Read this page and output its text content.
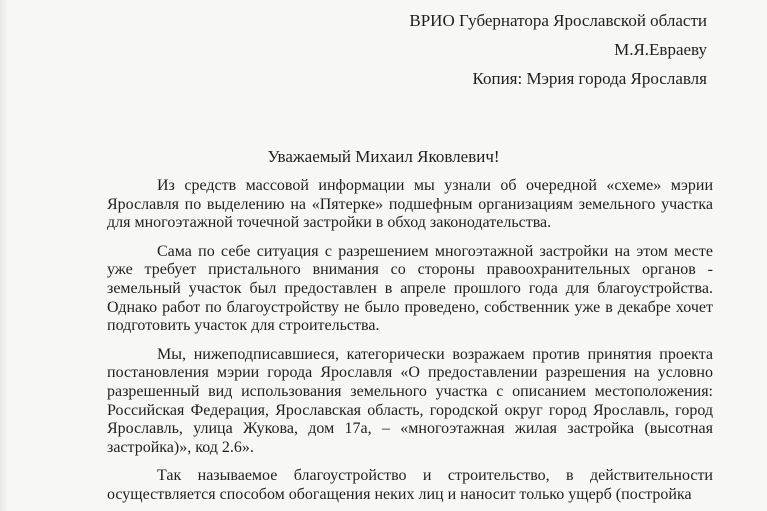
ВРИО Губернатора Ярославской области
М.Я.Евраеву
Копия: Мэрия города Ярославля
Уважаемый Михаил Яковлевич!

Из средств массовой информации мы узнали об очередной «схеме» мэрии Ярославля по выделению на «Пятерке» подшефным организациям земельного участка для многоэтажной точечной застройки в обход законодательства.

Сама по себе ситуация с разрешением многоэтажной застройки на этом месте уже требует пристального внимания со стороны правоохранительных органов - земельный участок был предоставлен в апреле прошлого года для благоустройства. Однако работ по благоустройству не было проведено, собственник уже в декабре хочет подготовить участок для строительства.

Мы, нижеподписавшиеся, категорически возражаем против принятия проекта постановления мэрии города Ярославля «О предоставлении разрешения на условно разрешенный вид использования земельного участка с описанием местоположения: Российская Федерация, Ярославская область, городской округ город Ярославль, город Ярославль, улица Жукова, дом 17а, – «многоэтажная жилая застройка (высотная застройка)», код 2.6».

Так называемое благоустройство и строительство, в действительности осуществляется способом обогащения неких лиц и наносит только ущерб (постройка
